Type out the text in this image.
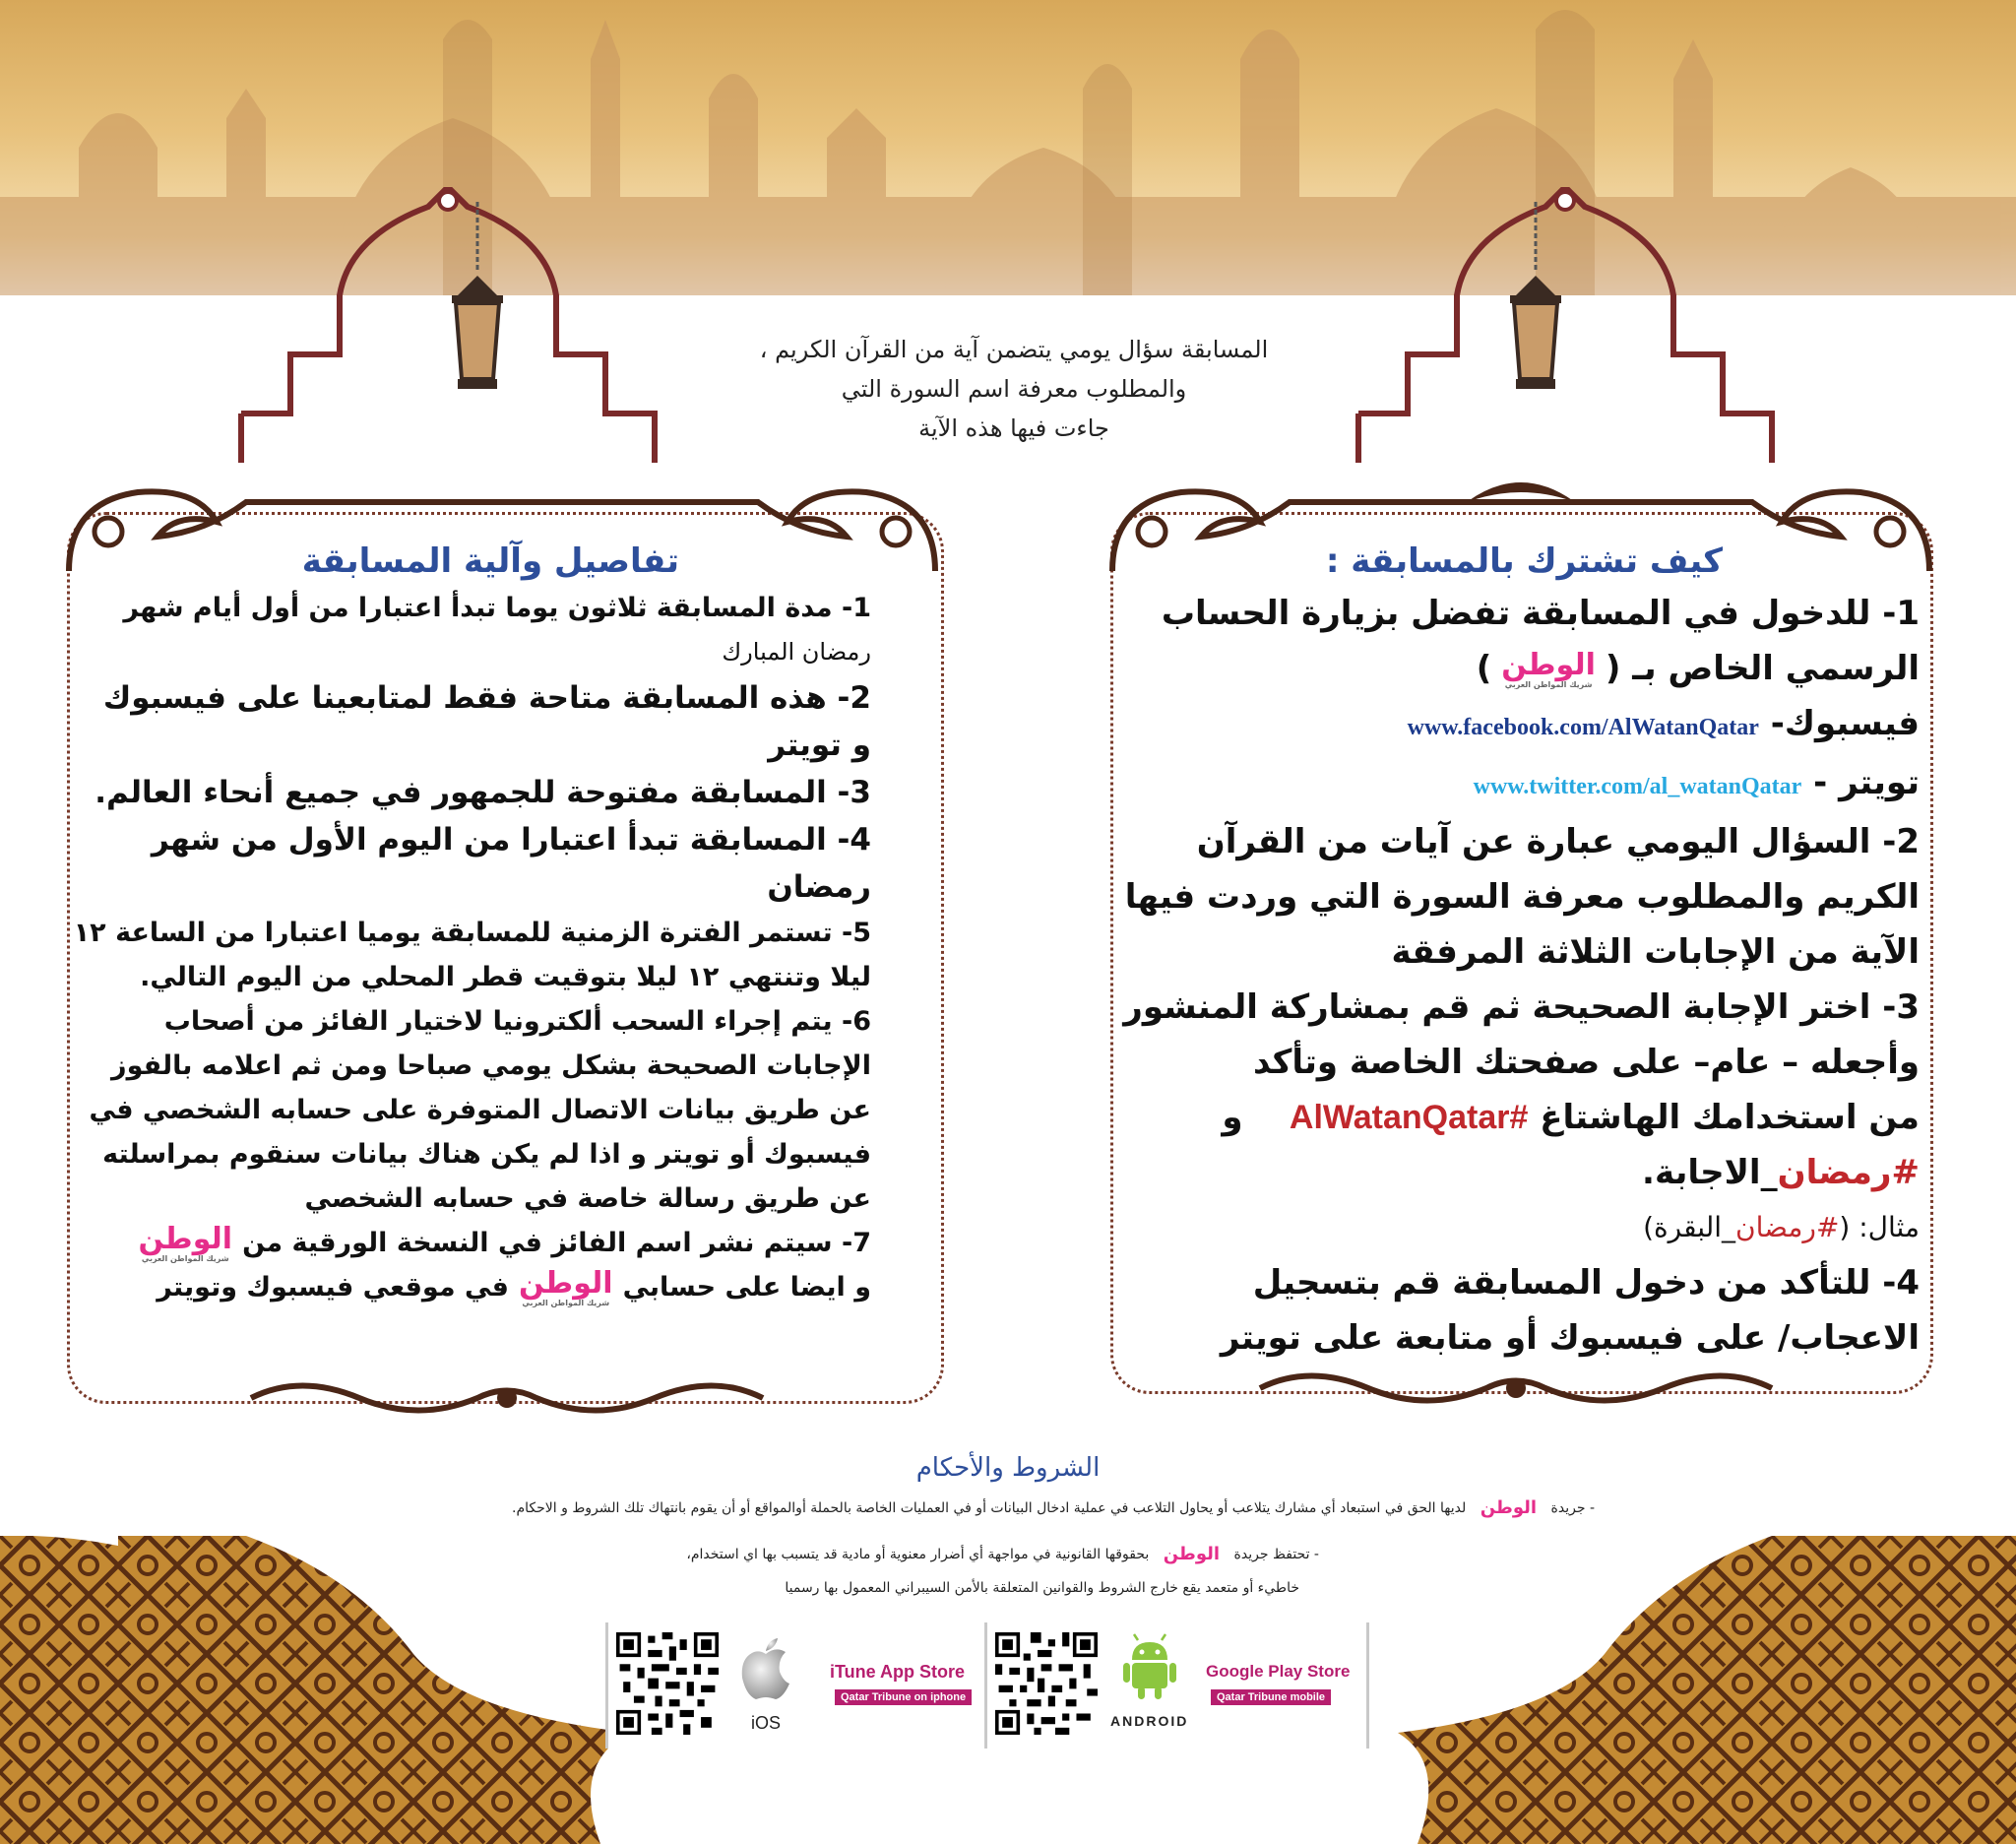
المسابقة سؤال يومي يتضمن آية من القرآن الكريم ،
والمطلوب معرفة اسم السورة التي
جاءت فيها هذه الآية
كيف تشترك بالمسابقة :
1- للدخول في المسابقة تفضل بزيارة الحساب
الرسمي الخاص بـ (
الوطن
شريك المواطن العربي
)
فيسبوك- www.facebook.com/AlWatanQatar
تويتر - www.twitter.com/al_watanQatar
2- السؤال اليومي عبارة عن آيات من القرآن
الكريم والمطلوب معرفة السورة التي وردت فيها
الآية من الإجابات الثلاثة المرفقة
3- اختر الإجابة الصحيحة ثم قم بمشاركة المنشور
وأجعله – عام– على صفحتك الخاصة وتأكد
من استخدامك الهاشتاغ #AlWatanQatar    و
#رمضان_الاجابة.
مثال: (#رمضان_البقرة)
4- للتأكد من دخول المسابقة قم بتسجيل
الاعجاب/ على فيسبوك أو متابعة على تويتر
تفاصيل وآلية المسابقة
1- مدة المسابقة ثلاثون يوما تبدأ اعتبارا من أول أيام شهر
رمضان المبارك
2- هذه المسابقة متاحة فقط لمتابعينا على فيسبوك
و تويتر
3- المسابقة مفتوحة للجمهور في جميع أنحاء العالم.
4- المسابقة تبدأ اعتبارا من اليوم الأول من شهر
رمضان
5- تستمر الفترة الزمنية للمسابقة يوميا اعتبارا من الساعة ١٢
ليلا وتنتهي ١٢ ليلا بتوقيت قطر المحلي من اليوم التالي.
6- يتم إجراء السحب ألكترونيا لاختيار الفائز من أصحاب
الإجابات الصحيحة بشكل يومي صباحا ومن ثم اعلامه بالفوز
عن طريق بيانات الاتصال المتوفرة على حسابه الشخصي في
فيسبوك أو تويتر و اذا لم يكن هناك بيانات سنقوم بمراسلته
عن طريق رسالة خاصة في حسابه الشخصي
7- سيتم نشر اسم الفائز في النسخة الورقية من
الوطن
شريك المواطن العربي
و ايضا على حسابي
الوطن
شريك المواطن العربي
في موقعي فيسبوك وتويتر
الشروط والأحكام
- جريدة
الوطن
لديها الحق في استبعاد أي مشارك يتلاعب أو يحاول التلاعب في عملية ادخال البيانات أو في العمليات الخاصة بالحملة أوالمواقع أو أن يقوم بانتهاك تلك الشروط و الاحكام.
- تحتفظ جريدة
الوطن
بحقوقها القانونية في مواجهة أي أضرار معنوية أو مادية قد يتسبب بها اي استخدام،
خاطيء أو متعمد يقع خارج الشروط والقوانين المتعلقة بالأمن السيبراني المعمول بها رسميا
iOS
iTune App Store
Qatar Tribune on iphone
ANDROID
Google Play Store
Qatar Tribune mobile
